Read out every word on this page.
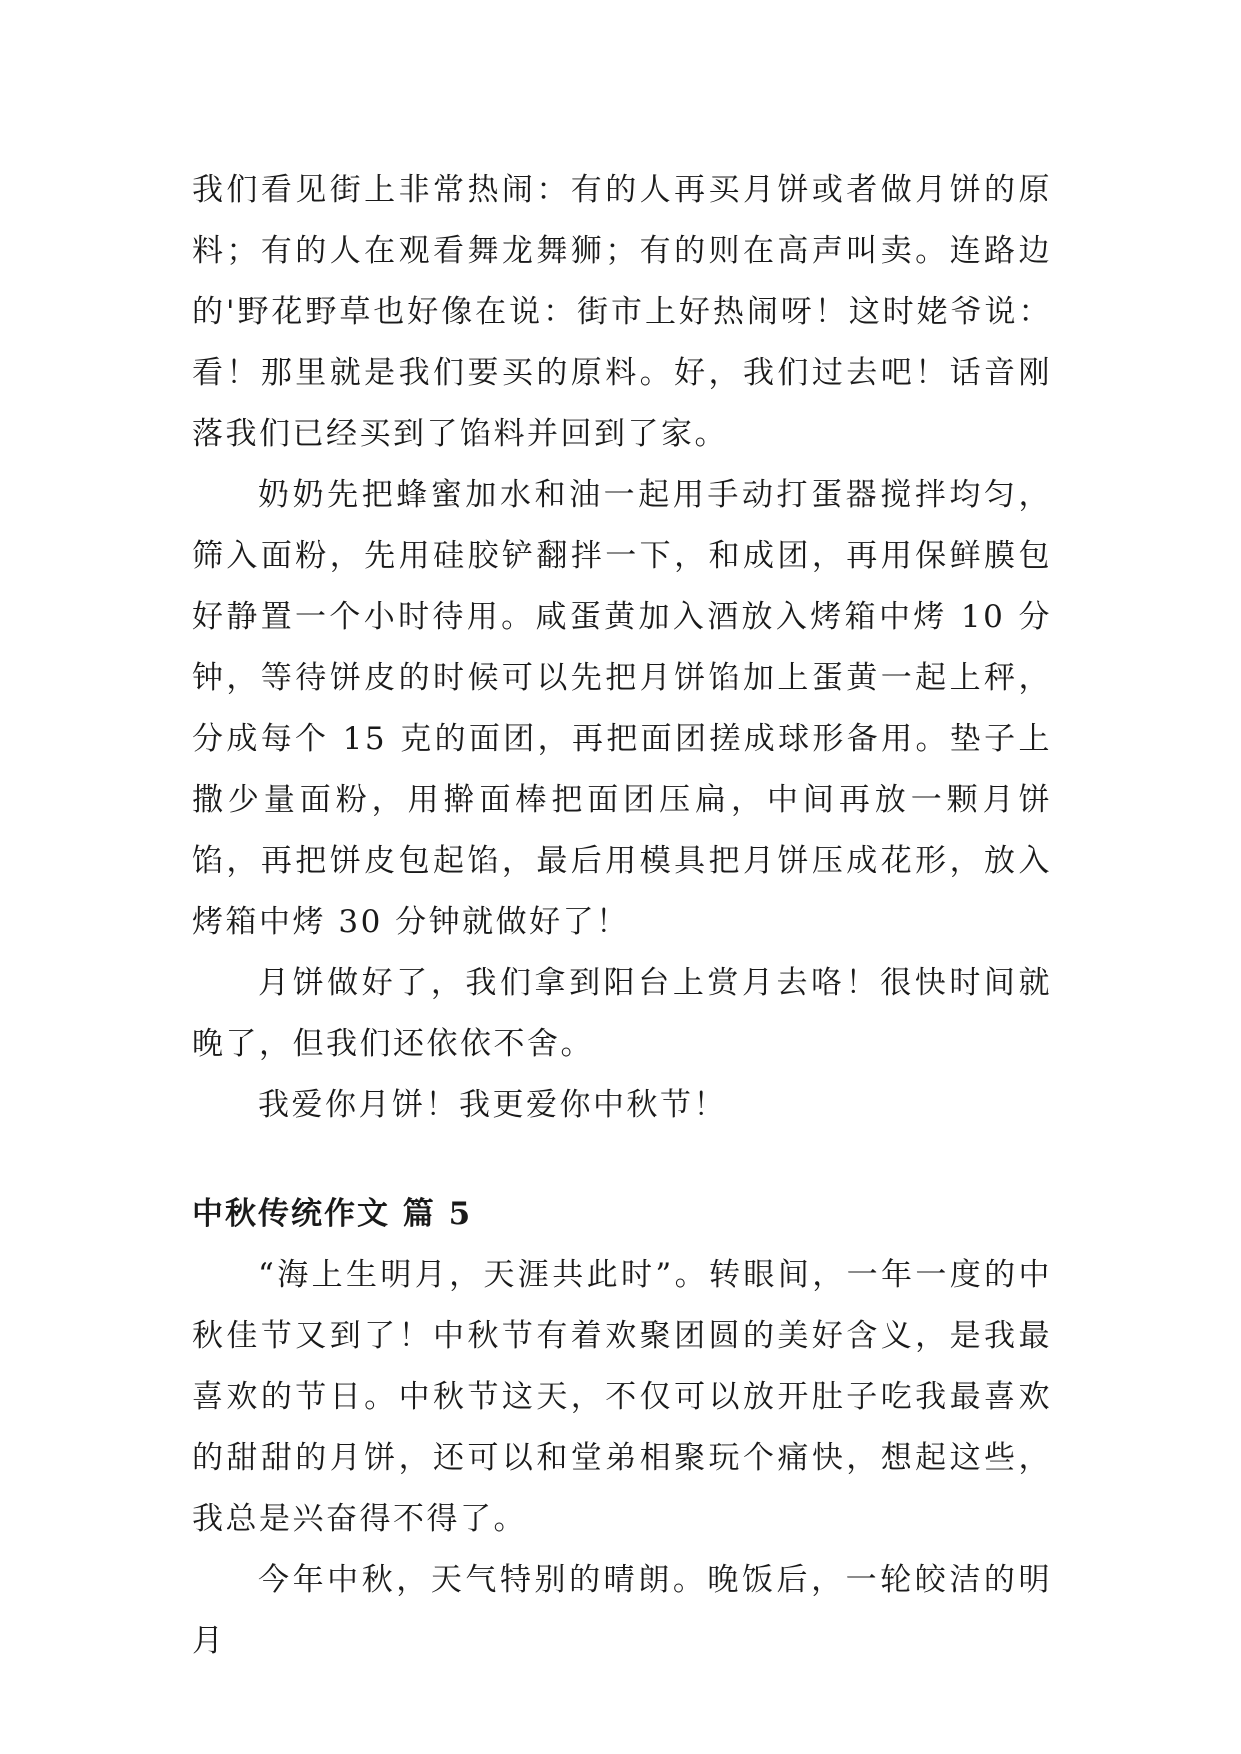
我们看见街上非常热闹：有的人再买月饼或者做月饼的原料；有的人在观看舞龙舞狮；有的则在高声叫卖。连路边的'野花野草也好像在说：街市上好热闹呀！这时姥爷说：看！那里就是我们要买的原料。好，我们过去吧！话音刚落我们已经买到了馅料并回到了家。

奶奶先把蜂蜜加水和油一起用手动打蛋器搅拌均匀，筛入面粉，先用硅胶铲翻拌一下，和成团，再用保鲜膜包好静置一个小时待用。咸蛋黄加入酒放入烤箱中烤 10 分钟，等待饼皮的时候可以先把月饼馅加上蛋黄一起上秤，分成每个 15 克的面团，再把面团搓成球形备用。垫子上撒少量面粉，用擀面棒把面团压扁，中间再放一颗月饼馅，再把饼皮包起馅，最后用模具把月饼压成花形，放入烤箱中烤 30 分钟就做好了！

月饼做好了，我们拿到阳台上赏月去咯！很快时间就晚了，但我们还依依不舍。

我爱你月饼！我更爱你中秋节！

中秋传统作文 篇 5

“海上生明月，天涯共此时”。转眼间，一年一度的中秋佳节又到了！中秋节有着欢聚团圆的美好含义，是我最喜欢的节日。中秋节这天，不仅可以放开肚子吃我最喜欢的甜甜的月饼，还可以和堂弟相聚玩个痛快，想起这些，我总是兴奋得不得了。

今年中秋，天气特别的晴朗。晚饭后，一轮皎洁的明月
